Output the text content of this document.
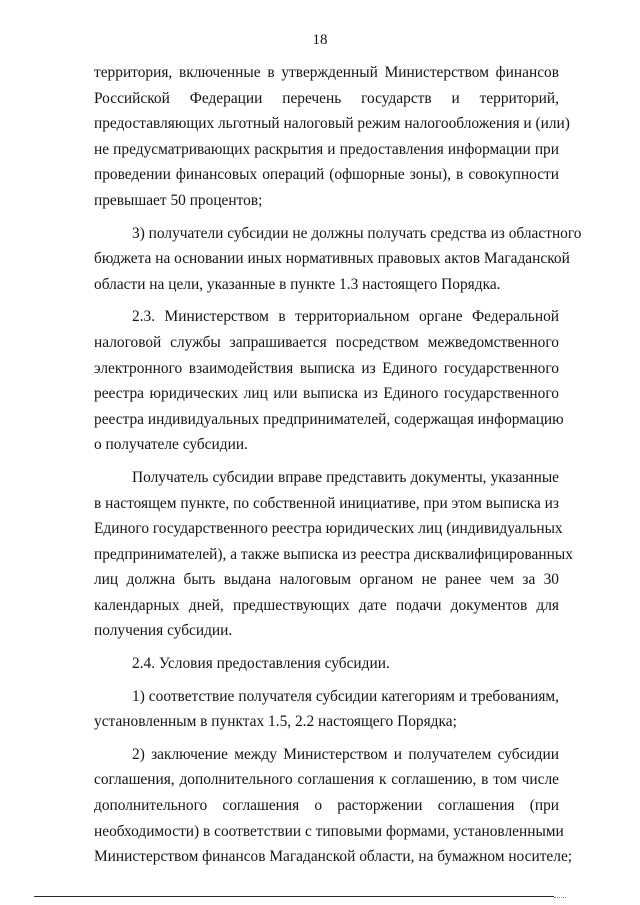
18
территория, включенные в утвержденный Министерством финансов
Российской Федерации перечень государств и территорий,
предоставляющих льготный налоговый режим налогообложения и (или)
не предусматривающих раскрытия и предоставления информации при
проведении финансовых операций (офшорные зоны), в совокупности
превышает 50 процентов;
3) получатели субсидии не должны получать средства из областного
бюджета на основании иных нормативных правовых актов Магаданской
области на цели, указанные в пункте 1.3 настоящего Порядка.
2.3. Министерством в территориальном органе Федеральной
налоговой службы запрашивается посредством межведомственного
электронного взаимодействия выписка из Единого государственного
реестра юридических лиц или выписка из Единого государственного
реестра индивидуальных предпринимателей, содержащая информацию
о получателе субсидии.
Получатель субсидии вправе представить документы, указанные
в настоящем пункте, по собственной инициативе, при этом выписка из
Единого государственного реестра юридических лиц (индивидуальных
предпринимателей), а также выписка из реестра дисквалифицированных
лиц должна быть выдана налоговым органом не ранее чем за 30
календарных дней, предшествующих дате подачи документов для
получения субсидии.
2.4. Условия предоставления субсидии.
1) соответствие получателя субсидии категориям и требованиям,
установленным в пунктах 1.5, 2.2 настоящего Порядка;
2) заключение между Министерством и получателем субсидии
соглашения, дополнительного соглашения к соглашению, в том числе
дополнительного соглашения о расторжении соглашения (при
необходимости) в соответствии с типовыми формами, установленными
Министерством финансов Магаданской области, на бумажном носителе;
